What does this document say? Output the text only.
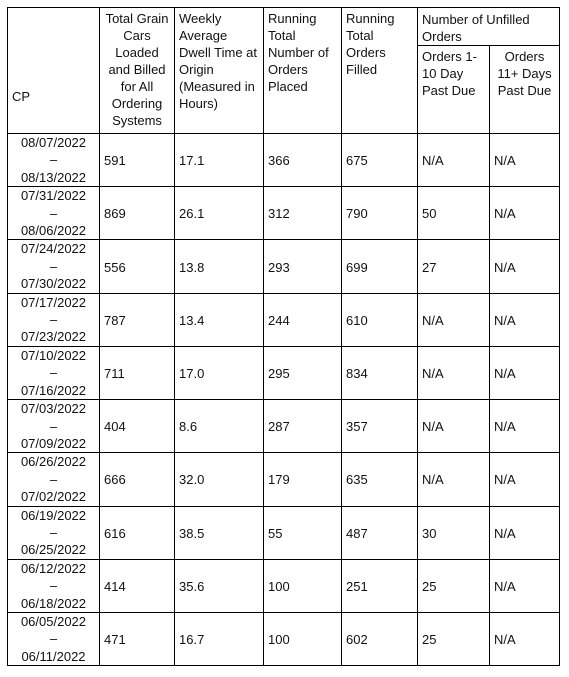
CP	Total Grain Cars Loaded and Billed for All Ordering Systems	Weekly Average Dwell Time at Origin (Measured in Hours)	Running Total Number of Orders Placed	Running Total Orders Filled	Number of Unfilled Orders	
					Orders 1-10 Day Past Due	Orders 11+ Days Past Due
08/07/2022
–
08/13/2022	591	17.1	366	675	N/A	N/A
07/31/2022
–
08/06/2022	869	26.1	312	790	50	N/A
07/24/2022
–
07/30/2022	556	13.8	293	699	27	N/A
07/17/2022
–
07/23/2022	787	13.4	244	610	N/A	N/A
07/10/2022
–
07/16/2022	711	17.0	295	834	N/A	N/A
07/03/2022
–
07/09/2022	404	8.6	287	357	N/A	N/A
06/26/2022
–
07/02/2022	666	32.0	179	635	N/A	N/A
06/19/2022
–
06/25/2022	616	38.5	55	487	30	N/A
06/12/2022
–
06/18/2022	414	35.6	100	251	25	N/A
06/05/2022
–
06/11/2022	471	16.7	100	602	25	N/A
